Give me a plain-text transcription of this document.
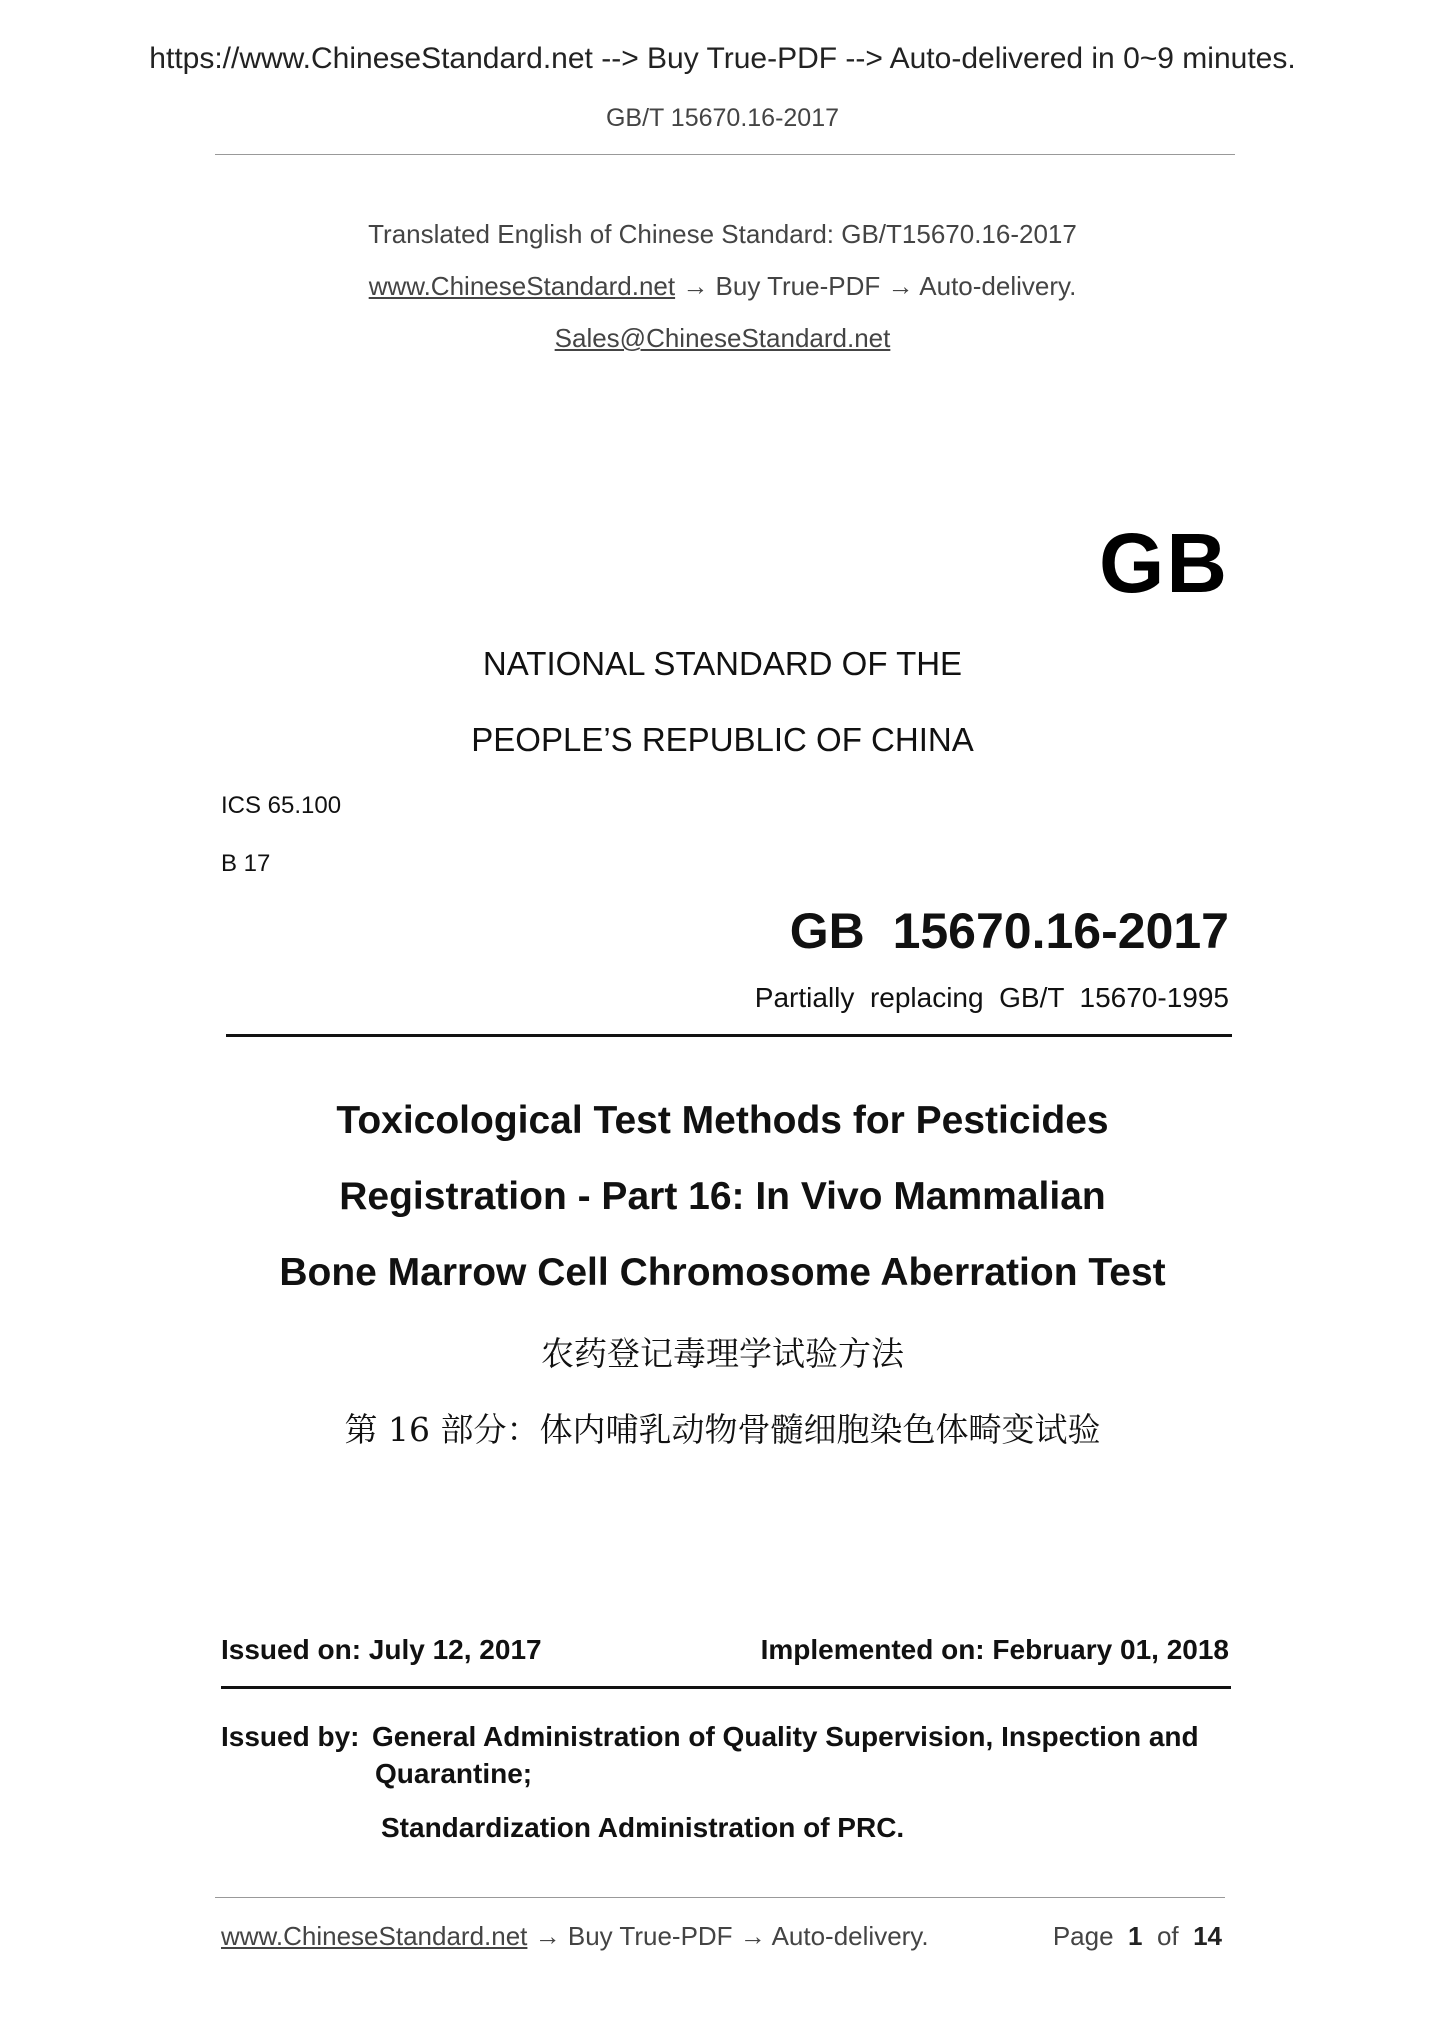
https://www.ChineseStandard.net --> Buy True-PDF --> Auto-delivered in 0~9 minutes.
GB/T 15670.16-2017
Translated English of Chinese Standard: GB/T15670.16-2017
www.ChineseStandard.net → Buy True-PDF → Auto-delivery.
Sales@ChineseStandard.net
GB
NATIONAL STANDARD OF THE
PEOPLE’S REPUBLIC OF CHINA
ICS 65.100
B 17
GB  15670.16-2017
Partially  replacing  GB/T  15670-1995
Toxicological Test Methods for Pesticides
Registration - Part 16: In Vivo Mammalian
Bone Marrow Cell Chromosome Aberration Test
农药登记毒理学试验方法
第 16 部分：体内哺乳动物骨髓细胞染色体畸变试验
Issued on: July 12, 2017	Implemented on: February 01, 2018
Issued by: General Administration of Quality Supervision, Inspection and
Quarantine;
Standardization Administration of PRC.
www.ChineseStandard.net → Buy True-PDF → Auto-delivery.	Page 1 of 14
